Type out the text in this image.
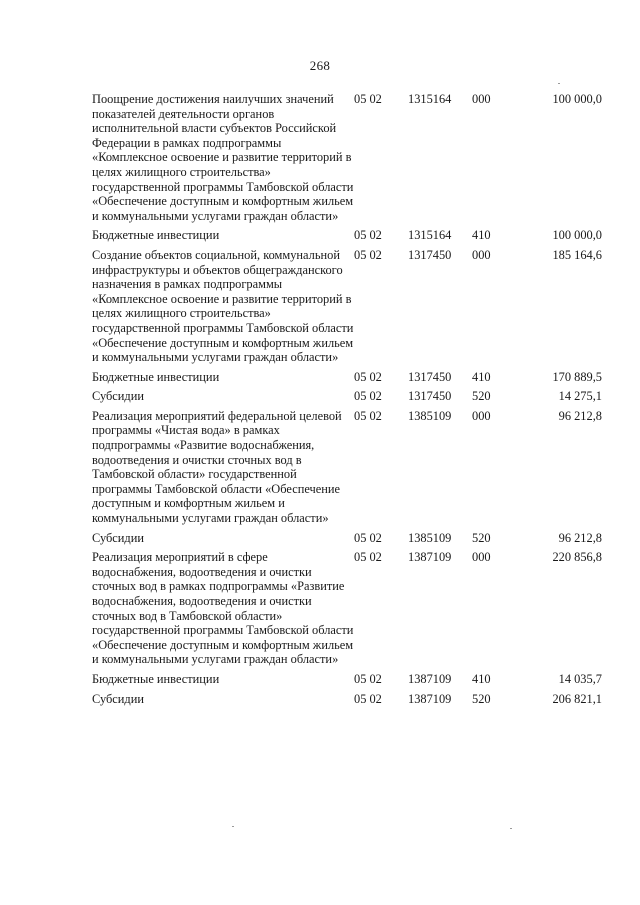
268
Поощрение достижения наилучших значений показателей деятельности органов исполнительной власти субъектов Российской Федерации в рамках подпрограммы «Комплексное освоение и развитие территорий в целях жилищного строительства» государственной программы Тамбовской области «Обеспечение доступным и комфортным жильем и коммунальными услугами граждан области»	05 02	1315164	000	100 000,0
Бюджетные инвестиции	05 02	1315164	410	100 000,0
Создание объектов социальной, коммунальной инфраструктуры и объектов общегражданского назначения в рамках подпрограммы «Комплексное освоение и развитие территорий в целях жилищного строительства» государственной программы Тамбовской области «Обеспечение доступным и комфортным жильем и коммунальными услугами граждан области»	05 02	1317450	000	185 164,6
Бюджетные инвестиции	05 02	1317450	410	170 889,5
Субсидии	05 02	1317450	520	14 275,1
Реализация мероприятий федеральной целевой программы «Чистая вода» в рамках подпрограммы «Развитие водоснабжения, водоотведения и очистки сточных вод в Тамбовской области» государственной программы Тамбовской области «Обеспечение доступным и комфортным жильем и коммунальными услугами граждан области»	05 02	1385109	000	96 212,8
Субсидии	05 02	1385109	520	96 212,8
Реализация мероприятий в сфере водоснабжения, водоотведения и очистки сточных вод в рамках подпрограммы «Развитие водоснабжения, водоотведения и очистки сточных вод в Тамбовской области» государственной программы Тамбовской области «Обеспечение доступным и комфортным жильем и коммунальными услугами граждан области»	05 02	1387109	000	220 856,8
Бюджетные инвестиции	05 02	1387109	410	14 035,7
Субсидии	05 02	1387109	520	206 821,1
